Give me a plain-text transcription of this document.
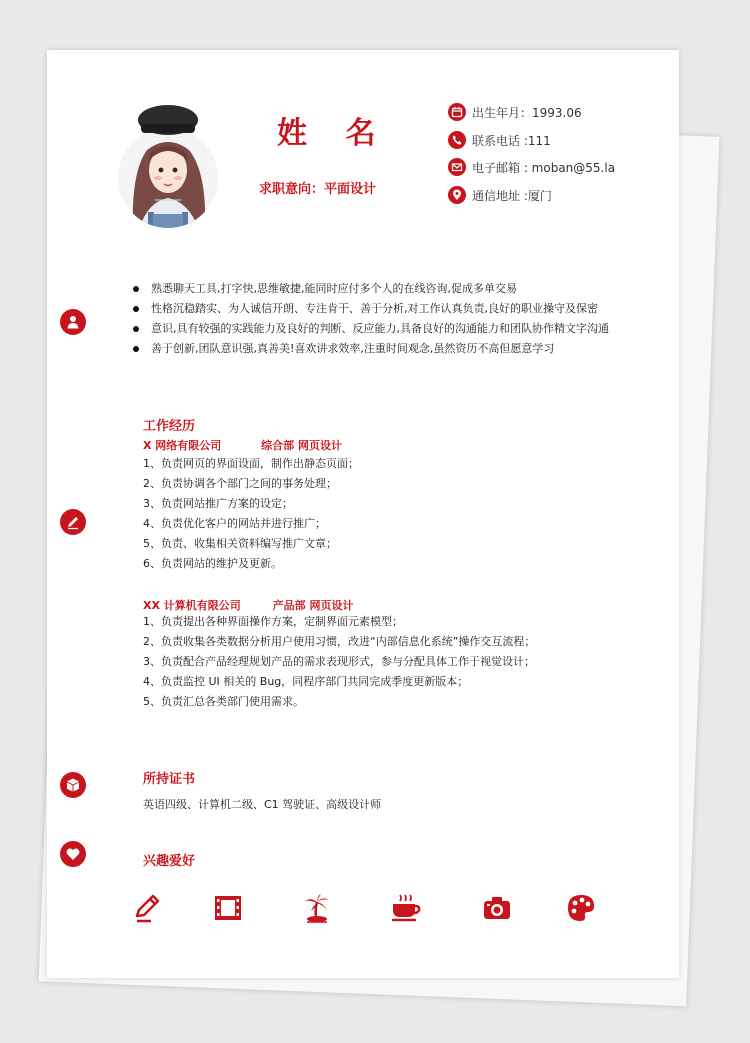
姓 名
求职意向：平面设计
出生年月：1993.06
联系电话 :111
电子邮箱 : moban@55.la
通信地址 :厦门
熟悉聊天工具,打字快,思维敏捷,能同时应付多个人的在线咨询,促成多单交易
性格沉稳踏实、为人诚信开朗、专注肯干、善于分析,对工作认真负责,良好的职业操守及保密
意识,具有较强的实践能力及良好的判断、反应能力,具备良好的沟通能力和团队协作精文字沟通
善于创新,团队意识强,真善美!喜欢讲求效率,注重时间观念,虽然资历不高但愿意学习
工作经历
X 网络有限公司	综合部 网页设计
1、负责网页的界面设面，制作出静态页面；
2、负责协调各个部门之间的事务处理；
3、负责网站推广方案的设定；
4、负责优化客户的网站并进行推广；
5、负责、收集相关资料编写推广文章；
6、负责网站的维护及更新。
XX 计算机有限公司	产品部 网页设计
1、负责提出各种界面操作方案，定制界面元素模型；
2、负责收集各类数据分析用户使用习惯，改进“内部信息化系统”操作交互流程；
3、负责配合产品经理规划产品的需求表现形式，参与分配具体工作于视觉设计；
4、负责监控 UI 相关的 Bug，同程序部门共同完成季度更新版本；
5、负责汇总各类部门使用需求。
所持证书
英语四级、计算机二级、C1 驾驶证、高级设计师
兴趣爱好
